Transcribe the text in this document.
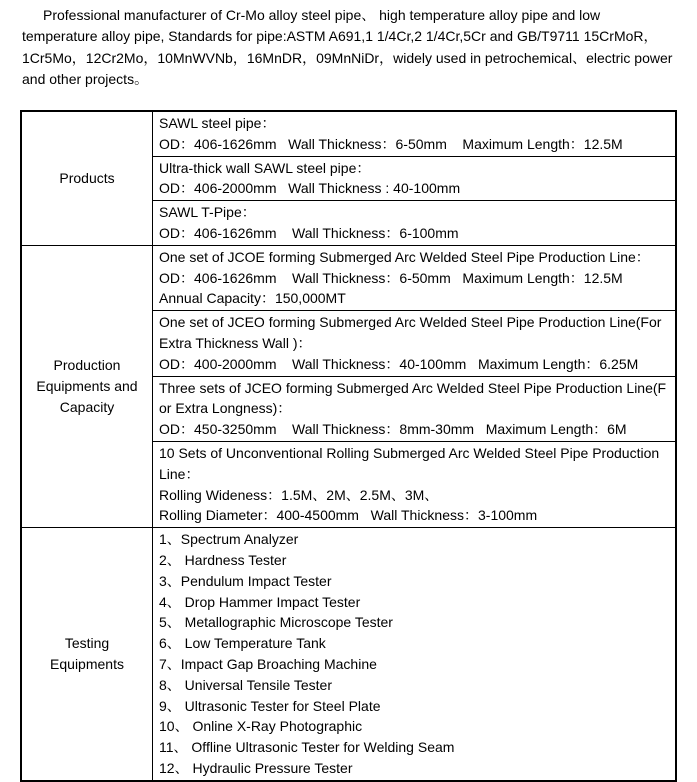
Professional manufacturer of Cr-Mo alloy steel pipe、 high temperature alloy pipe and low
temperature alloy pipe, Standards for pipe:ASTM A691,1 1/4Cr,2 1/4Cr,5Cr and GB/T9711 15CrMoR，
1Cr5Mo，12Cr2Mo，10MnWVNb，16MnDR，09MnNiDr，widely used in petrochemical、electric power
and other projects。
Products
SAWL steel pipe：
OD：406-1626mm   Wall Thickness：6-50mm    Maximum Length：12.5M
Ultra-thick wall SAWL steel pipe：
OD：406-2000mm   Wall Thickness : 40-100mm
SAWL T-Pipe：
OD：406-1626mm    Wall Thickness：6-100mm
Production
Equipments and
Capacity
One set of JCOE forming Submerged Arc Welded Steel Pipe Production Line：
OD：406-1626mm    Wall Thickness：6-50mm   Maximum Length：12.5M
Annual Capacity：150,000MT
One set of JCEO forming Submerged Arc Welded Steel Pipe Production Line(For
Extra Thickness Wall )：
OD：400-2000mm    Wall Thickness：40-100mm   Maximum Length：6.25M
Three sets of JCEO forming Submerged Arc Welded Steel Pipe Production Line(F
or Extra Longness)：
OD：450-3250mm    Wall Thickness：8mm-30mm   Maximum Length：6M
10 Sets of Unconventional Rolling Submerged Arc Welded Steel Pipe Production
Line：
Rolling Wideness：1.5M、2M、2.5M、3M、
Rolling Diameter：400-4500mm   Wall Thickness：3-100mm
Testing
Equipments
1、Spectrum Analyzer
2、 Hardness Tester
3、Pendulum Impact Tester
4、 Drop Hammer Impact Tester
5、 Metallographic Microscope Tester
6、 Low Temperature Tank
7、Impact Gap Broaching Machine
8、 Universal Tensile Tester
9、 Ultrasonic Tester for Steel Plate
10、 Online X-Ray Photographic
11、 Offline Ultrasonic Tester for Welding Seam
12、 Hydraulic Pressure Tester
